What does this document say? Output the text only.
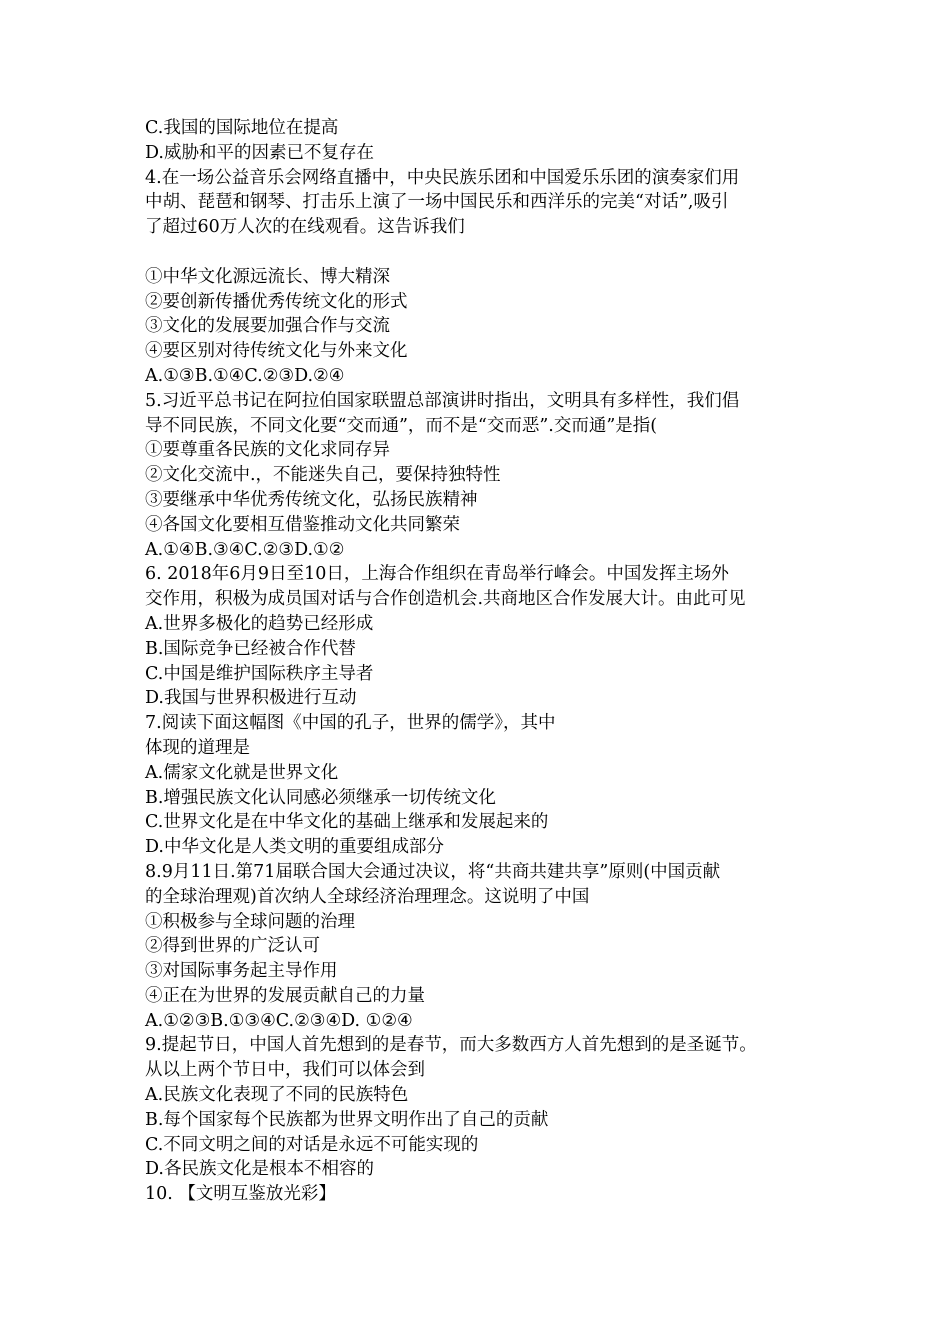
C.我国的国际地位在提高
D.威胁和平的因素已不复存在
4.在一场公益音乐会网络直播中，中央民族乐团和中国爱乐乐团的演奏家们用
中胡、琵琶和钢琴、打击乐上演了一场中国民乐和西洋乐的完美“对话”,吸引
了超过60万人次的在线观看。这告诉我们
①中华文化源远流长、博大精深
②要创新传播优秀传统文化的形式
③文化的发展要加强合作与交流
④要区别对待传统文化与外来文化
A.①③B.①④C.②③D.②④
5.习近平总书记在阿拉伯国家联盟总部演讲时指出，文明具有多样性，我们倡
导不同民族，不同文化要“交而通”，而不是“交而恶”.交而通”是指(
①要尊重各民族的文化求同存异
②文化交流中.，不能迷失自己，要保持独特性
③要继承中华优秀传统文化，弘扬民族精神
④各国文化要相互借鉴推动文化共同繁荣
A.①④B.③④C.②③D.①②
6. 2018年6月9日至10日，上海合作组织在青岛举行峰会。中国发挥主场外
交作用，积极为成员国对话与合作创造机会.共商地区合作发展大计。由此可见
A.世界多极化的趋势已经形成
B.国际竞争已经被合作代替
C.中国是维护国际秩序主导者
D.我国与世界积极进行互动
7.阅读下面这幅图《中国的孔子，世界的儒学》，其中
体现的道理是
A.儒家文化就是世界文化
B.增强民族文化认同感必须继承一切传统文化
C.世界文化是在中华文化的基础上继承和发展起来的
D.中华文化是人类文明的重要组成部分
8.9月11日.第71届联合国大会通过决议，将“共商共建共享”原则(中国贡献
的全球治理观)首次纳人全球经济治理理念。这说明了中国
①积极参与全球问题的治理
②得到世界的广泛认可
③对国际事务起主导作用
④正在为世界的发展贡献自己的力量
A.①②③B.①③④C.②③④D. ①②④
9.提起节日，中国人首先想到的是春节，而大多数西方人首先想到的是圣诞节。
从以上两个节日中，我们可以体会到
A.民族文化表现了不同的民族特色
B.每个国家每个民族都为世界文明作出了自己的贡献
C.不同文明之间的对话是永远不可能实现的
D.各民族文化是根本不相容的
10. 【文明互鉴放光彩】
